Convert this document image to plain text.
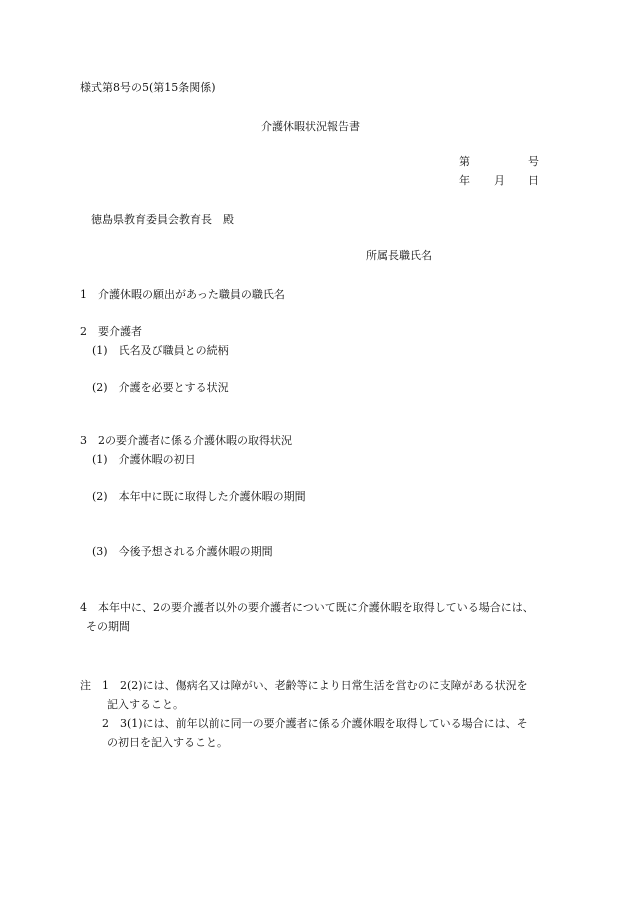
様式第8号の5(第15条関係)
介護休暇状況報告書
第	号
年 月 日
徳島県教育委員会教育長　殿
所属長職氏名
1　介護休暇の願出があった職員の職氏名
2　要介護者
(1)　氏名及び職員との続柄
(2)　介護を必要とする状況
3　2の要介護者に係る介護休暇の取得状況
(1)　介護休暇の初日
(2)　本年中に既に取得した介護休暇の期間
(3)　今後予想される介護休暇の期間
4　本年中に、2の要介護者以外の要介護者について既に介護休暇を取得している場合には、
その期間
注　1　2(2)には、傷病名又は障がい、老齢等により日常生活を営むのに支障がある状況を
記入すること。
2　3(1)には、前年以前に同一の要介護者に係る介護休暇を取得している場合には、そ
の初日を記入すること。
